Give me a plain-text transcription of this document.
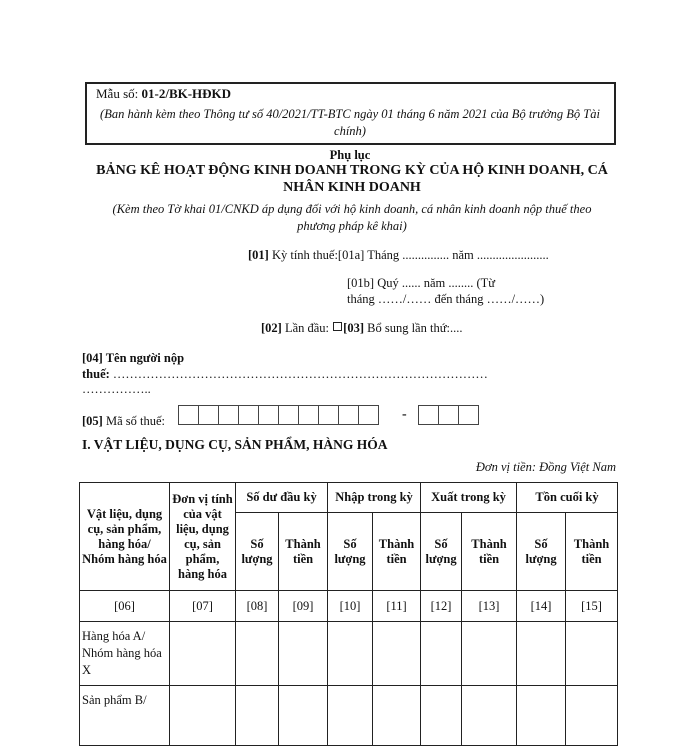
Mẫu số: 01-2/BK-HĐKD
(Ban hành kèm theo Thông tư số 40/2021/TT-BTC ngày 01 tháng 6 năm 2021 của Bộ trưởng Bộ Tài chính)
Phụ lục
BẢNG KÊ HOẠT ĐỘNG KINH DOANH TRONG KỲ CỦA HỘ KINH DOANH, CÁ NHÂN KINH DOANH
(Kèm theo Tờ khai 01/CNKD áp dụng đối với hộ kinh doanh, cá nhân kinh doanh nộp thuế theo phương pháp kê khai)
[01] Kỳ tính thuế:[01a] Tháng ............... năm .......................
[01b] Quý ...... năm ........ (Từ
tháng ……/…… đến tháng ……/……)
[02] Lần đầu: [03] Bổ sung lần thứ:....
[04] Tên người nộp
thuế: ………………………………………………………………………………
……………..
[05] Mã số thuế:	-
I. VẬT LIỆU, DỤNG CỤ, SẢN PHẨM, HÀNG HÓA
Đơn vị tiền: Đồng Việt Nam
Vật liệu, dụng cụ, sản phẩm, hàng hóa/ Nhóm hàng hóa	Đơn vị tính của vật liệu, dụng cụ, sản phẩm, hàng hóa	Số dư đầu kỳ		Nhập trong kỳ		Xuất trong kỳ		Tồn cuối kỳ	
		Số lượng	Thành tiền	Số lượng	Thành tiền	Số lượng	Thành tiền	Số lượng	Thành tiền
[06]	[07]	[08]	[09]	[10]	[11]	[12]	[13]	[14]	[15]
Hàng hóa A/ Nhóm hàng hóa X									
Sản phẩm B/									
